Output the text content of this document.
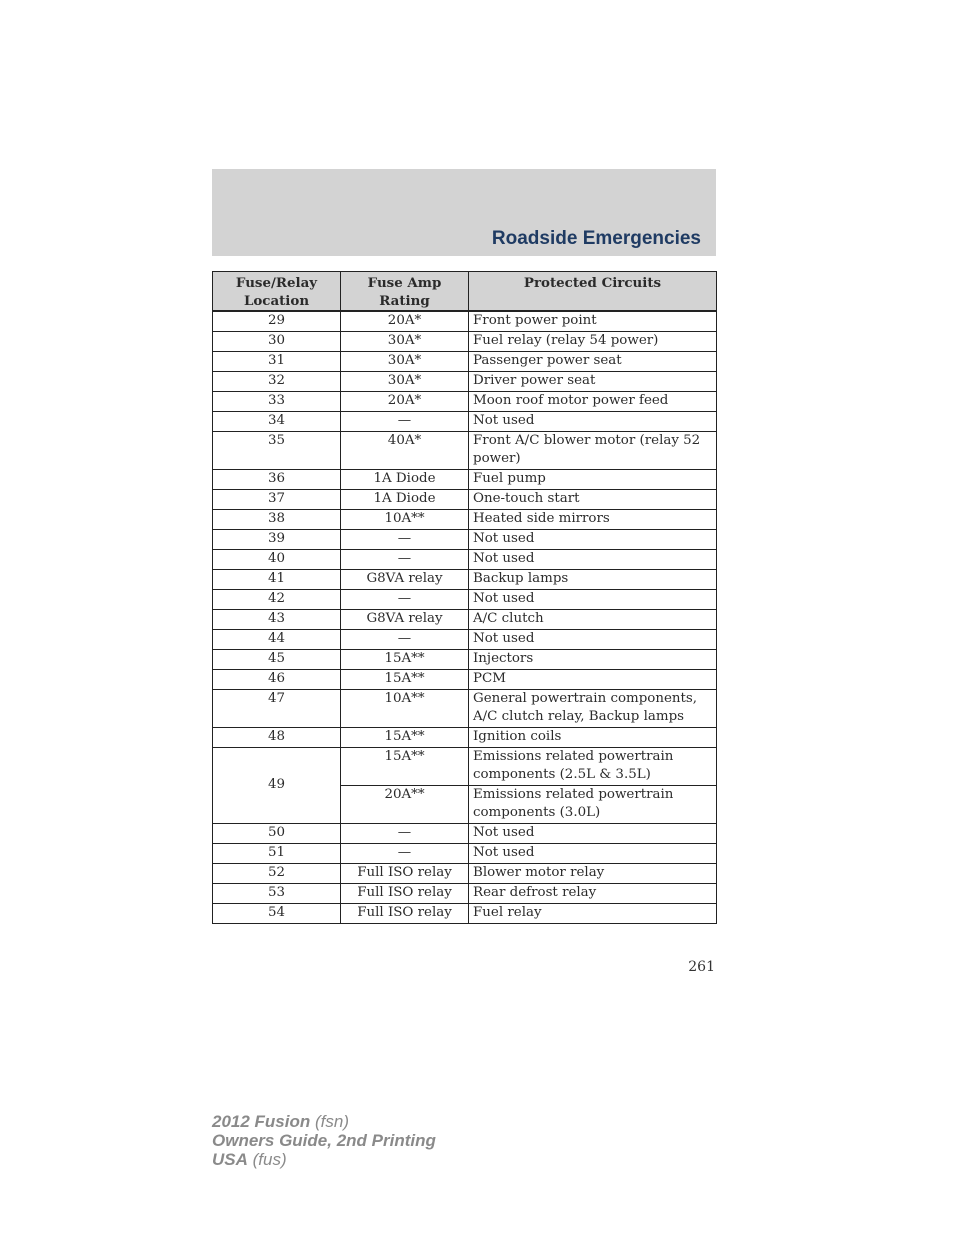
Roadside Emergencies
Fuse/Relay Location	Fuse Amp Rating	Protected Circuits
29	20A*	Front power point
30	30A*	Fuel relay (relay 54 power)
31	30A*	Passenger power seat
32	30A*	Driver power seat
33	20A*	Moon roof motor power feed
34	—	Not used
35	40A*	Front A/C blower motor (relay 52 power)
36	1A Diode	Fuel pump
37	1A Diode	One-touch start
38	10A**	Heated side mirrors
39	—	Not used
40	—	Not used
41	G8VA relay	Backup lamps
42	—	Not used
43	G8VA relay	A/C clutch
44	—	Not used
45	15A**	Injectors
46	15A**	PCM
47	10A**	General powertrain components, A/C clutch relay, Backup lamps
48	15A**	Ignition coils
49	15A**	Emissions related powertrain components (2.5L & 3.5L)
	20A**	Emissions related powertrain components (3.0L)
50	—	Not used
51	—	Not used
52	Full ISO relay	Blower motor relay
53	Full ISO relay	Rear defrost relay
54	Full ISO relay	Fuel relay
261
2012 Fusion (fsn)
Owners Guide, 2nd Printing
USA (fus)
